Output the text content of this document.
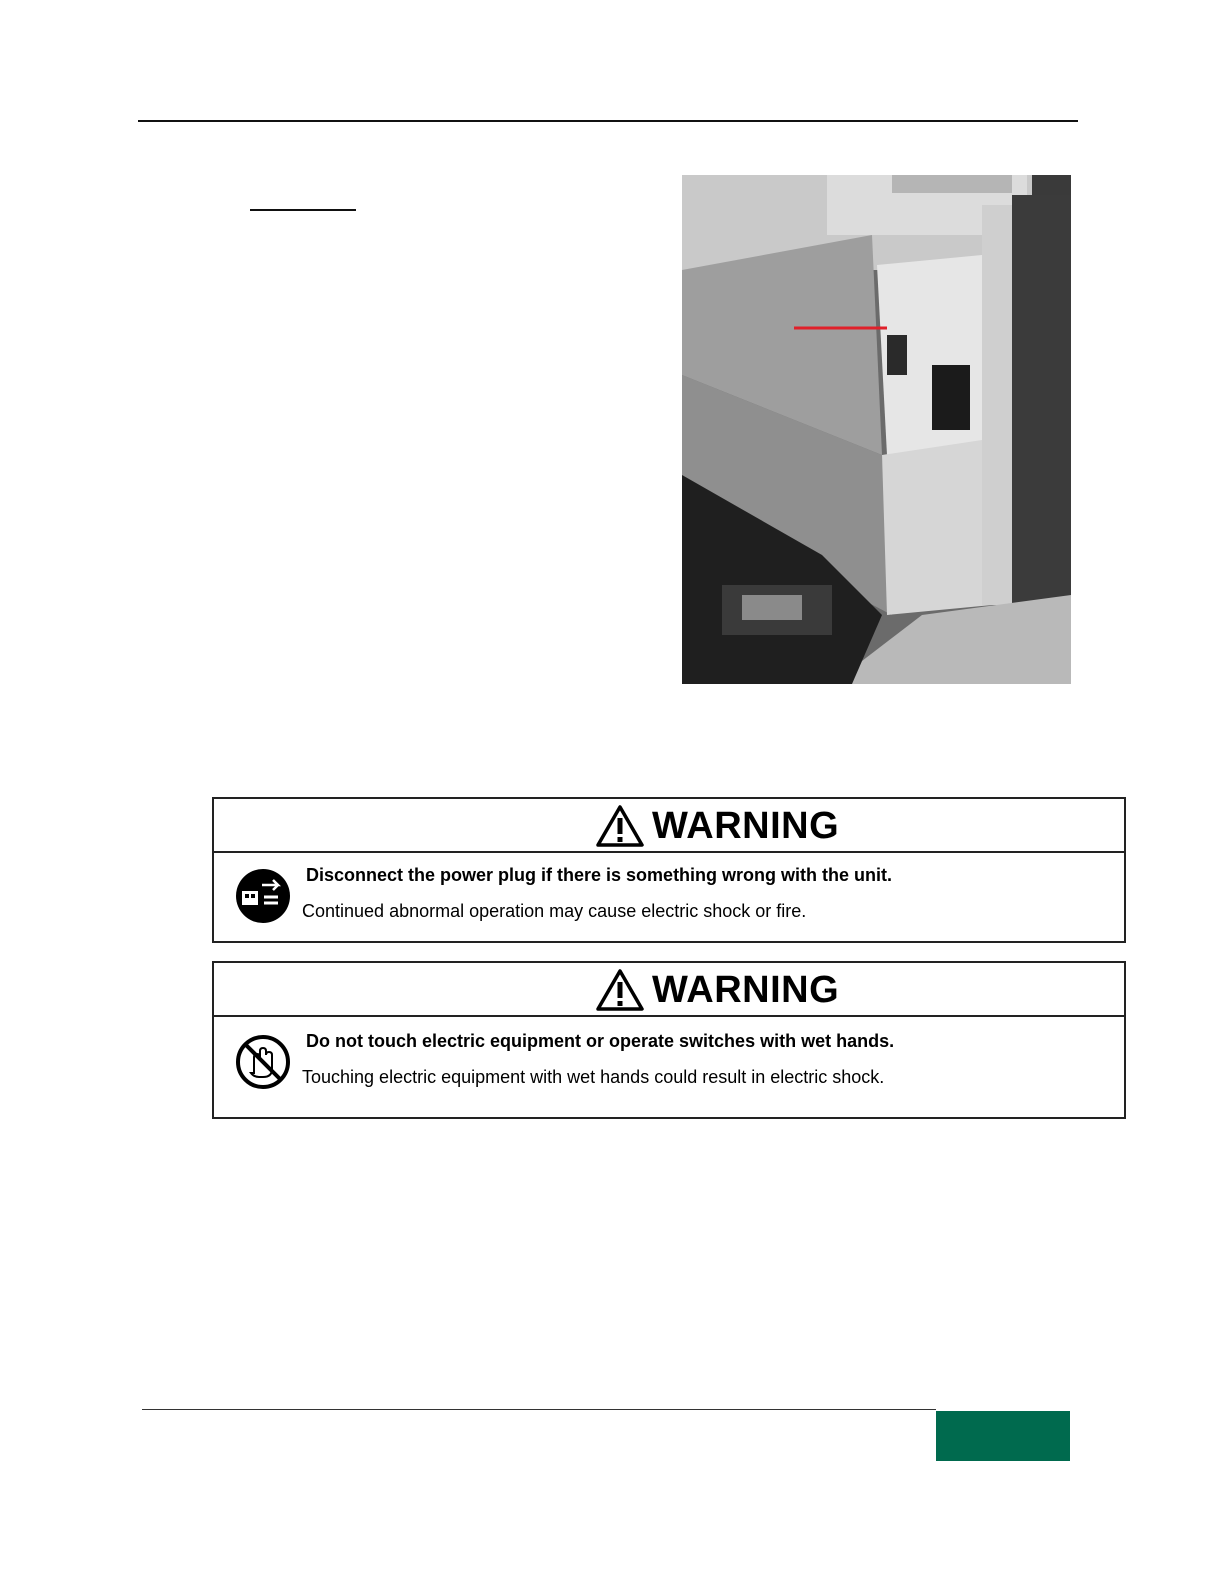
WARNING
Disconnect the power plug if there is something wrong with the unit.
Continued abnormal operation may cause electric shock or fire.
WARNING
Do not touch electric equipment or operate switches with wet hands.
Touching electric equipment with wet hands could result in electric shock.
